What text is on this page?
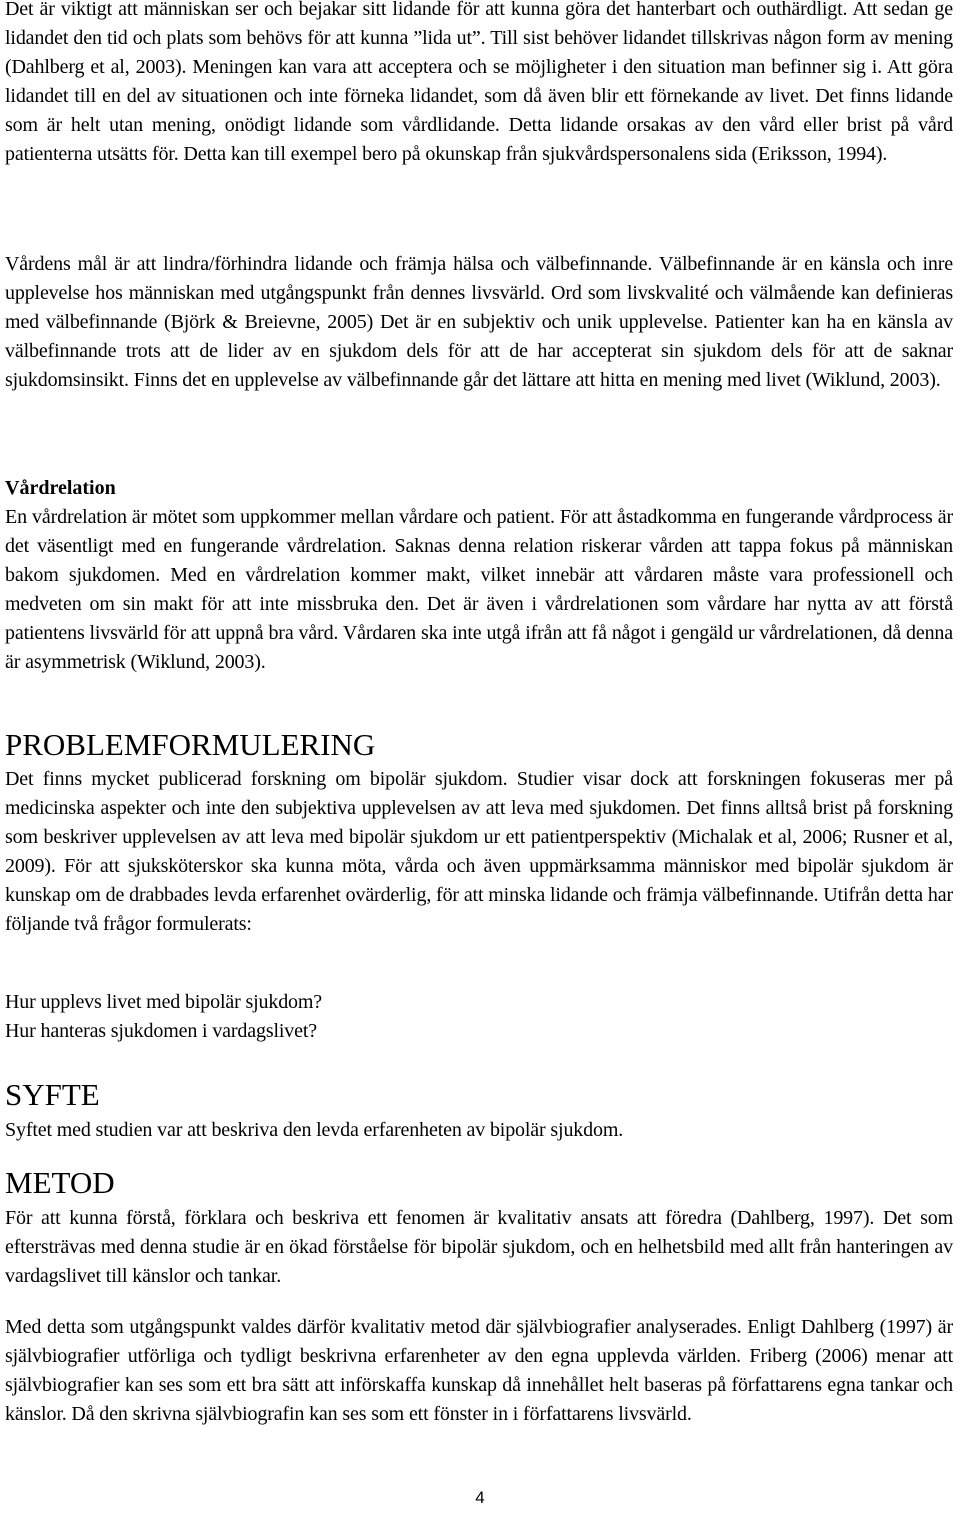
Det är viktigt att människan ser och bejakar sitt lidande för att kunna göra det hanterbart och outhärdligt. Att sedan ge lidandet den tid och plats som behövs för att kunna ”lida ut”. Till sist behöver lidandet tillskrivas någon form av mening (Dahlberg et al, 2003). Meningen kan vara att acceptera och se möjligheter i den situation man befinner sig i. Att göra lidandet till en del av situationen och inte förneka lidandet, som då även blir ett förnekande av livet. Det finns lidande som är helt utan mening, onödigt lidande som vårdlidande. Detta lidande orsakas av den vård eller brist på vård patienterna utsätts för. Detta kan till exempel bero på okunskap från sjukvårdspersonalens sida (Eriksson, 1994).

Vårdens mål är att lindra/förhindra lidande och främja hälsa och välbefinnande. Välbefinnande är en känsla och inre upplevelse hos människan med utgångspunkt från dennes livsvärld. Ord som livskvalité och välmående kan definieras med välbefinnande (Björk & Breievne, 2005) Det är en subjektiv och unik upplevelse. Patienter kan ha en känsla av välbefinnande trots att de lider av en sjukdom dels för att de har accepterat sin sjukdom dels för att de saknar sjukdomsinsikt. Finns det en upplevelse av välbefinnande går det lättare att hitta en mening med livet (Wiklund, 2003).

Vårdrelation

En vårdrelation är mötet som uppkommer mellan vårdare och patient. För att åstadkomma en fungerande vårdprocess är det väsentligt med en fungerande vårdrelation. Saknas denna relation riskerar vården att tappa fokus på människan bakom sjukdomen. Med en vårdrelation kommer makt, vilket innebär att vårdaren måste vara professionell och medveten om sin makt för att inte missbruka den. Det är även i vårdrelationen som vårdare har nytta av att förstå patientens livsvärld för att uppnå bra vård. Vårdaren ska inte utgå ifrån att få något i gengäld ur vårdrelationen, då denna är asymmetrisk (Wiklund, 2003).

PROBLEMFORMULERING

Det finns mycket publicerad forskning om bipolär sjukdom. Studier visar dock att forskningen fokuseras mer på medicinska aspekter och inte den subjektiva upplevelsen av att leva med sjukdomen. Det finns alltså brist på forskning som beskriver upplevelsen av att leva med bipolär sjukdom ur ett patientperspektiv (Michalak et al, 2006; Rusner et al, 2009). För att sjuksköterskor ska kunna möta, vårda och även uppmärksamma människor med bipolär sjukdom är kunskap om de drabbades levda erfarenhet ovärderlig, för att minska lidande och främja välbefinnande. Utifrån detta har följande två frågor formulerats:

Hur upplevs livet med bipolär sjukdom?

Hur hanteras sjukdomen i vardagslivet?

SYFTE

Syftet med studien var att beskriva den levda erfarenheten av bipolär sjukdom.

METOD

För att kunna förstå, förklara och beskriva ett fenomen är kvalitativ ansats att föredra (Dahlberg, 1997). Det som eftersträvas med denna studie är en ökad förståelse för bipolär sjukdom, och en helhetsbild med allt från hanteringen av vardagslivet till känslor och tankar.

Med detta som utgångspunkt valdes därför kvalitativ metod där självbiografier analyserades. Enligt Dahlberg (1997) är självbiografier utförliga och tydligt beskrivna erfarenheter av den egna upplevda världen. Friberg (2006) menar att självbiografier kan ses som ett bra sätt att införskaffa kunskap då innehållet helt baseras på författarens egna tankar och känslor. Då den skrivna självbiografin kan ses som ett fönster in i författarens livsvärld.

4
